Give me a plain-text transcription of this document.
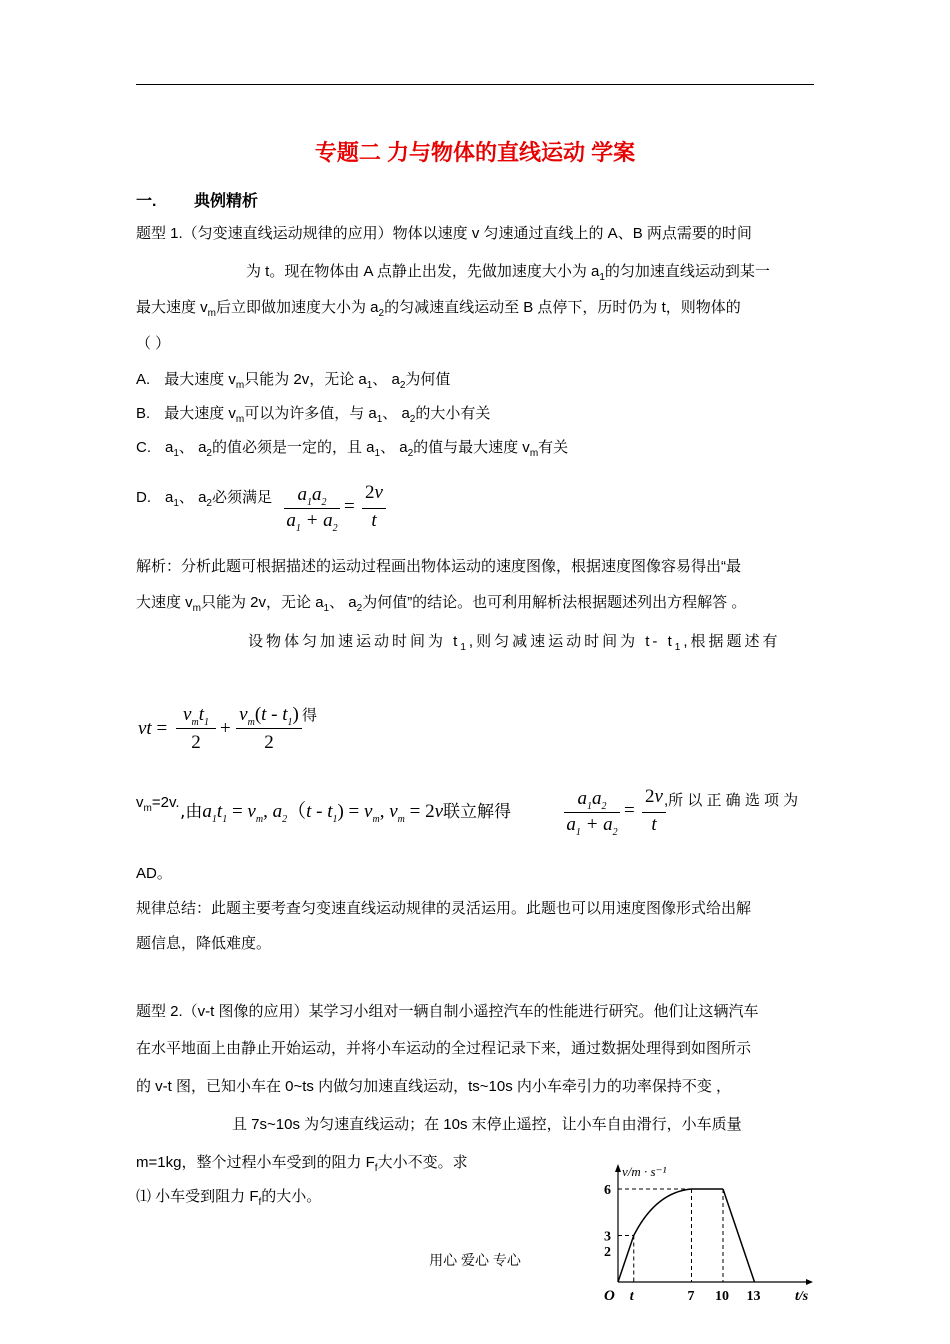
专题二 力与物体的直线运动 学案
一. 典例精析
题型 1.（匀变速直线运动规律的应用）物体以速度 v 匀速通过直线上的 A、B 两点需要的时间
为 t。现在物体由 A 点静止出发，先做加速度大小为 $a_1$的匀加速直线运动到某一
最大速度 $v_m$后立即做加速度大小为 $a_2$的匀减速直线运动至 B 点停下，历时仍为 t，则物体的
（ ）
A. 最大速度 $v_m$只能为 2v，无论 $a_1$、 $a_2$为何值
B. 最大速度 $v_m$可以为许多值，与 $a_1$、 $a_2$的大小有关
C. $a_1$、 $a_2$的值必须是一定的，且 $a_1$、 $a_2$的值与最大速度 $v_m$有关
D. $a_1$、 $a_2$必须满足	$a_1a_2$
$a_1 + a_2$
=
2v
t
解析：分析此题可根据描述的运动过程画出物体运动的速度图像，根据速度图像容易得出“最
大速度 $v_m$只能为 2v，无论 $a_1$、 $a_2$为何值”的结论。也可利用解析法根据题述列出方程解答 。
设物体匀加速运动时间为 $t_1$,则匀减速运动时间为 t- $t_1$,根据题述有
vt =
$v_mt_1$
2
+
$v_m(t - t_1)$
2
得
$v_m=2v$. ,由$a_1t_1 = v_m$, $a_2(t - t_1) = v_m$, $v_m = 2v$联立解得
$a_1a_2$
$a_1 + a_2$
=
2v
t
,所 以 正 确 选 项 为
AD。
规律总结：此题主要考查匀变速直线运动规律的灵活运用。此题也可以用速度图像形式给出解
题信息，降低难度。
题型 2.（v-t 图像的应用）某学习小组对一辆自制小遥控汽车的性能进行研究。他们让这辆汽车
在水平地面上由静止开始运动，并将小车运动的全过程记录下来，通过数据处理得到如图所示
的 v-t 图，已知小车在 0~ts 内做匀加速直线运动，ts~10s 内小车牵引力的功率保持不变 ，
且 7s~10s 为匀速直线运动；在 10s 末停止遥控，让小车自由滑行，小车质量
m=1kg，整个过程小车受到的阻力 $F_f$大小不变。求
⑴ 小车受到阻力 $F_f$的大小。
v/m · s⁻¹
t/s
O
2
3
6
t	7 10 13
用心 爱心 专心
